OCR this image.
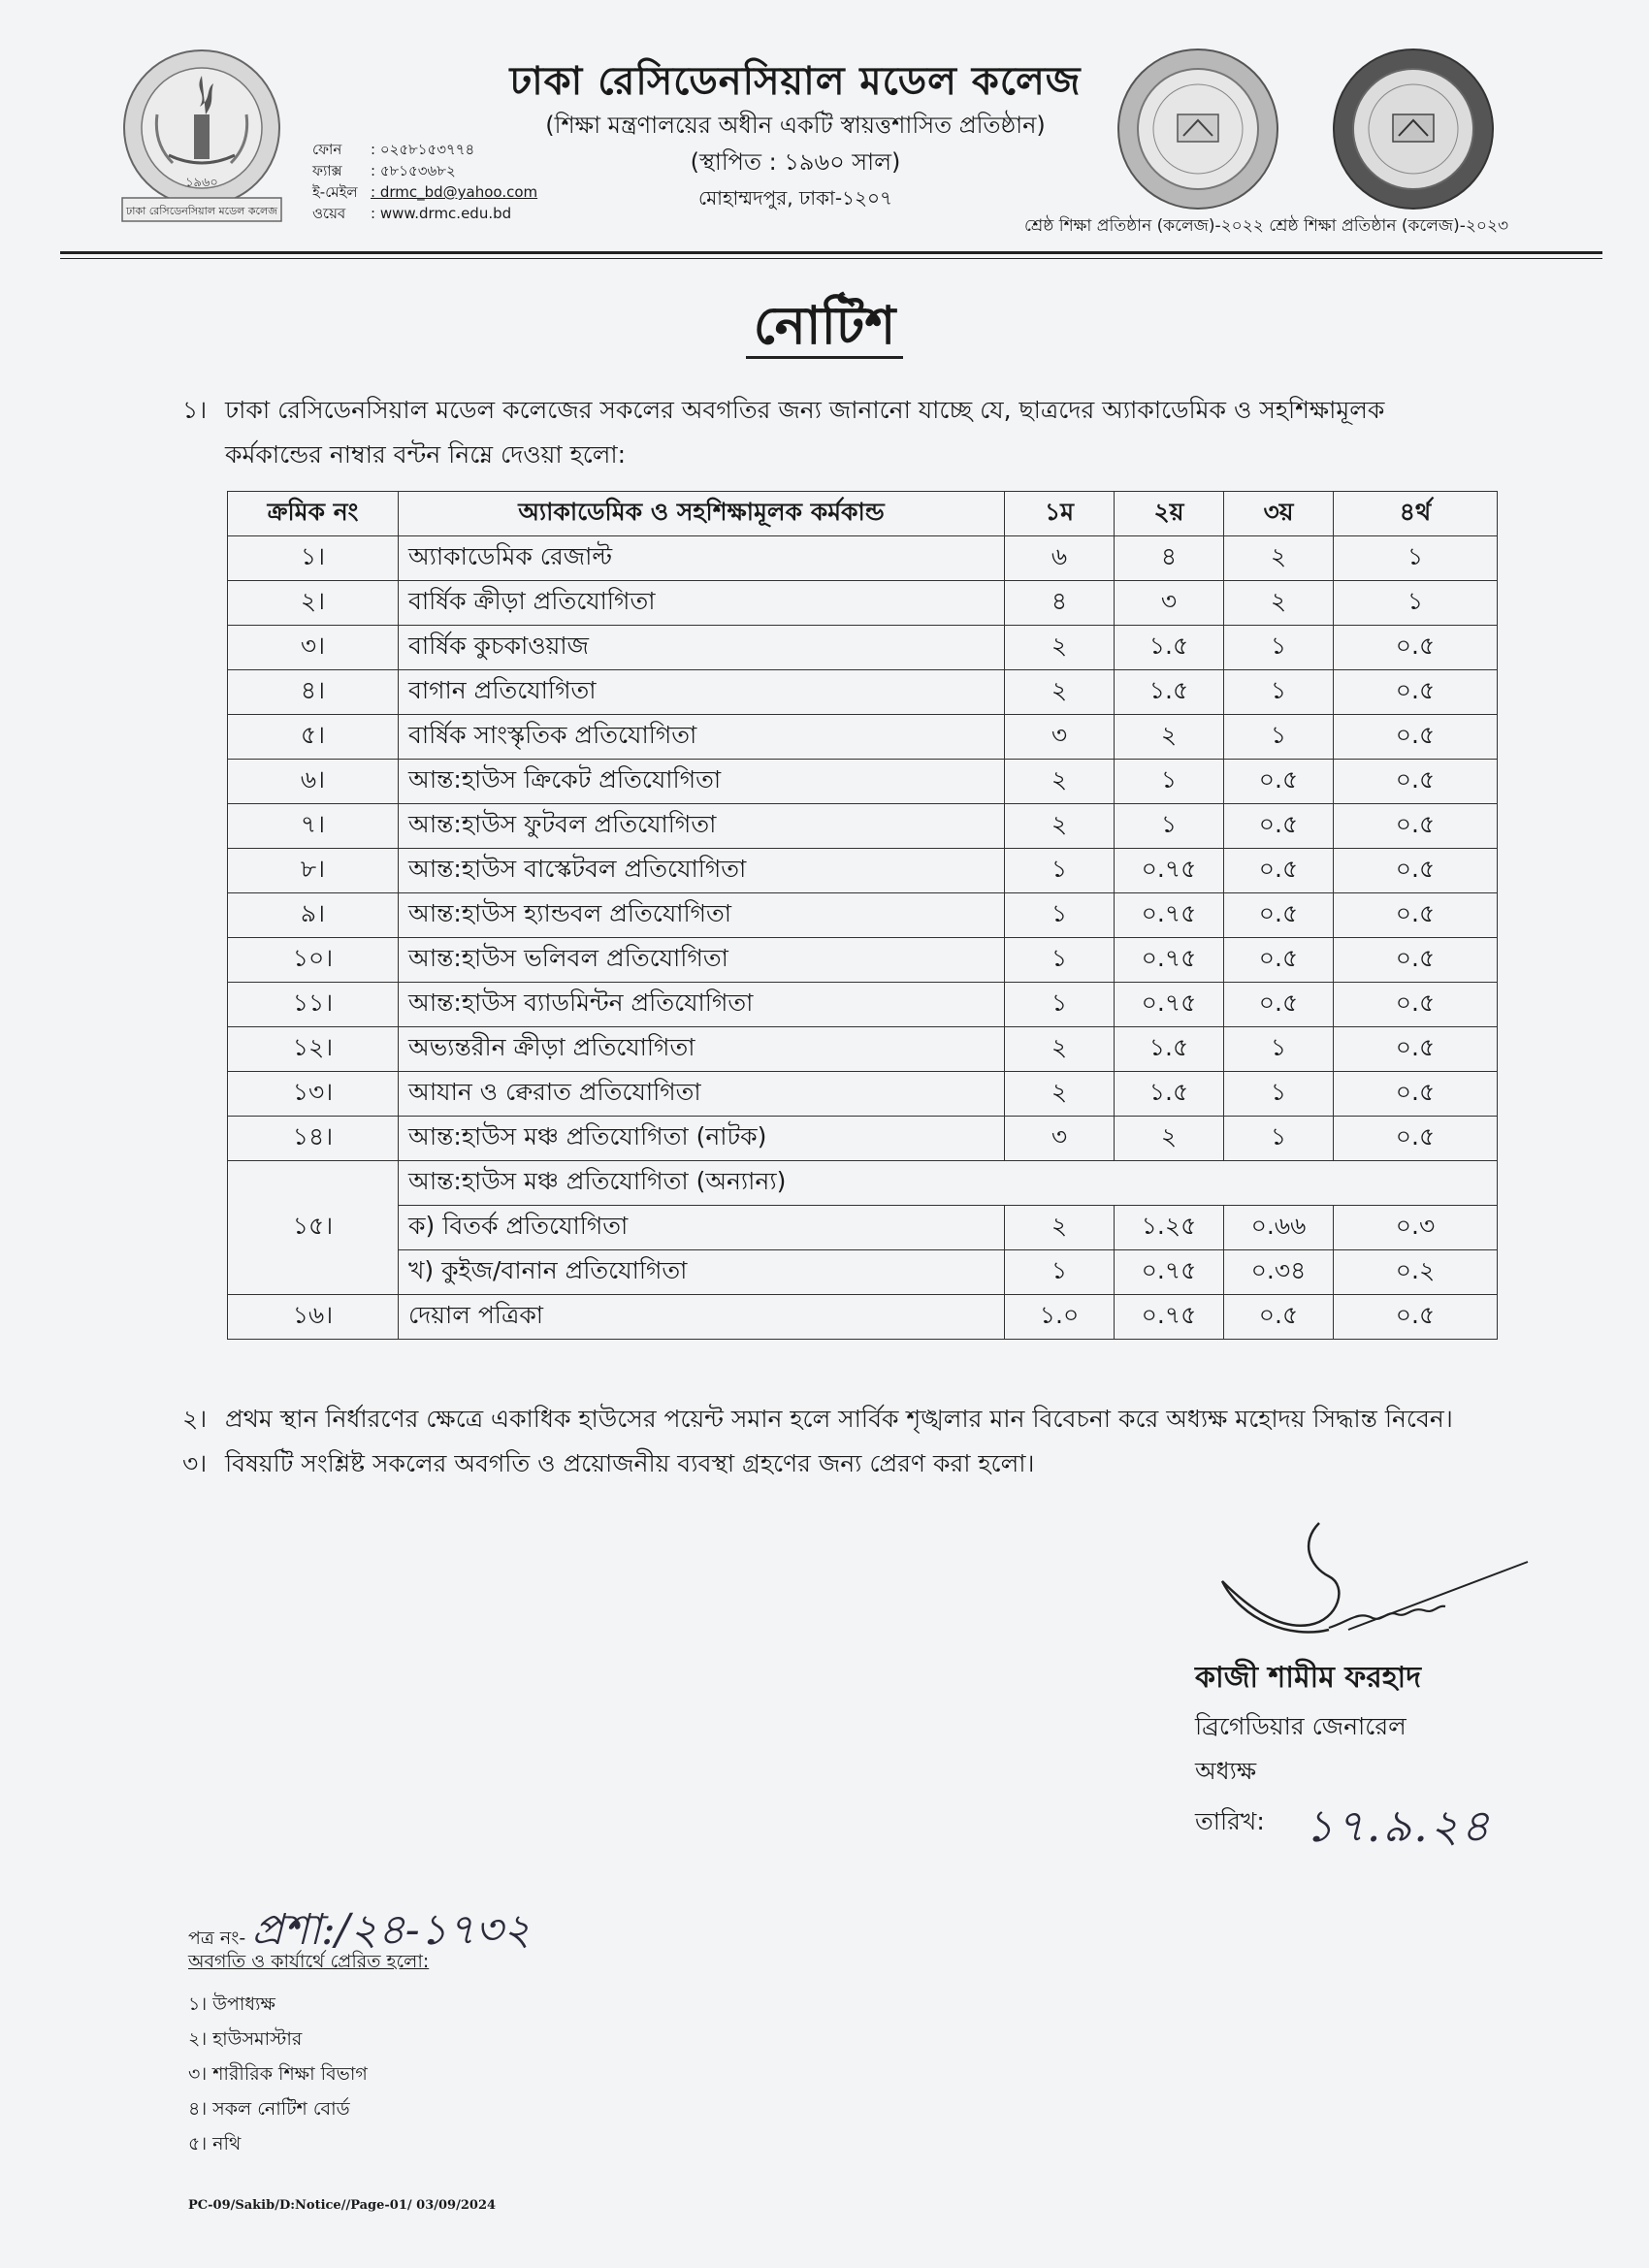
১৯৬০
ঢাকা রেসিডেনসিয়াল মডেল কলেজ
ফোন	: ০২৫৮১৫৩৭৭৪
ফ্যাক্স	: ৫৮১৫৩৬৮২
ই-মেইল : drmc_bd@yahoo.com
ওয়েব	: www.drmc.edu.bd
ঢাকা রেসিডেনসিয়াল মডেল কলেজ
(শিক্ষা মন্ত্রণালয়ের অধীন একটি স্বায়ত্তশাসিত প্রতিষ্ঠান)
(স্থাপিত : ১৯৬০ সাল)
মোহাম্মদপুর, ঢাকা-১২০৭
শ্রেষ্ঠ শিক্ষা প্রতিষ্ঠান (কলেজ)-২০২২ শ্রেষ্ঠ শিক্ষা প্রতিষ্ঠান (কলেজ)-২০২৩
নোটিশ
১। ঢাকা রেসিডেনসিয়াল মডেল কলেজের সকলের অবগতির জন্য জানানো যাচ্ছে যে, ছাত্রদের অ্যাকাডেমিক ও সহশিক্ষামূলক কর্মকান্ডের নাম্বার বন্টন নিম্নে দেওয়া হলো:
ক্রমিক নং	অ্যাকাডেমিক ও সহশিক্ষামূলক কর্মকান্ড	১ম	২য়	৩য়	৪র্থ
১।	অ্যাকাডেমিক রেজাল্ট	৬	৪	২	১
২।	বার্ষিক ক্রীড়া প্রতিযোগিতা	৪	৩	২	১
৩।	বার্ষিক কুচকাওয়াজ	২	১.৫	১	০.৫
৪।	বাগান প্রতিযোগিতা	২	১.৫	১	০.৫
৫।	বার্ষিক সাংস্কৃতিক প্রতিযোগিতা	৩	২	১	০.৫
৬।	আন্ত:হাউস ক্রিকেট প্রতিযোগিতা	২	১	০.৫	০.৫
৭।	আন্ত:হাউস ফুটবল প্রতিযোগিতা	২	১	০.৫	০.৫
৮।	আন্ত:হাউস বাস্কেটবল প্রতিযোগিতা	১	০.৭৫	০.৫	০.৫
৯।	আন্ত:হাউস হ্যান্ডবল প্রতিযোগিতা	১	০.৭৫	০.৫	০.৫
১০।	আন্ত:হাউস ভলিবল প্রতিযোগিতা	১	০.৭৫	০.৫	০.৫
১১।	আন্ত:হাউস ব্যাডমিন্টন প্রতিযোগিতা	১	০.৭৫	০.৫	০.৫
১২।	অভ্যন্তরীন ক্রীড়া প্রতিযোগিতা	২	১.৫	১	০.৫
১৩।	আযান ও ক্বেরাত প্রতিযোগিতা	২	১.৫	১	০.৫
১৪।	আন্ত:হাউস মঞ্চ প্রতিযোগিতা (নাটক)	৩	২	১	০.৫
১৫।	আন্ত:হাউস মঞ্চ প্রতিযোগিতা (অন্যান্য)				
	ক) বিতর্ক প্রতিযোগিতা	২	১.২৫	০.৬৬	০.৩
	খ) কুইজ/বানান প্রতিযোগিতা	১	০.৭৫	০.৩৪	০.২
১৬।	দেয়াল পত্রিকা	১.০	০.৭৫	০.৫	০.৫
২। প্রথম স্থান নির্ধারণের ক্ষেত্রে একাধিক হাউসের পয়েন্ট সমান হলে সার্বিক শৃঙ্খলার মান বিবেচনা করে অধ্যক্ষ মহোদয় সিদ্ধান্ত নিবেন।
৩। বিষয়টি সংশ্লিষ্ট সকলের অবগতি ও প্রয়োজনীয় ব্যবস্থা গ্রহণের জন্য প্রেরণ করা হলো।
কাজী শামীম ফরহাদ
ব্রিগেডিয়ার জেনারেল
অধ্যক্ষ
তারিখ: ১৭.৯.২৪
পত্র নং- প্রশা:/২৪-১৭৩২
অবগতি ও কার্যার্থে প্রেরিত হলো:
১। উপাধ্যক্ষ
২। হাউসমাস্টার
৩। শারীরিক শিক্ষা বিভাগ
৪। সকল নোটিশ বোর্ড
৫। নথি
PC-09/Sakib/D:Notice//Page-01/ 03/09/2024
